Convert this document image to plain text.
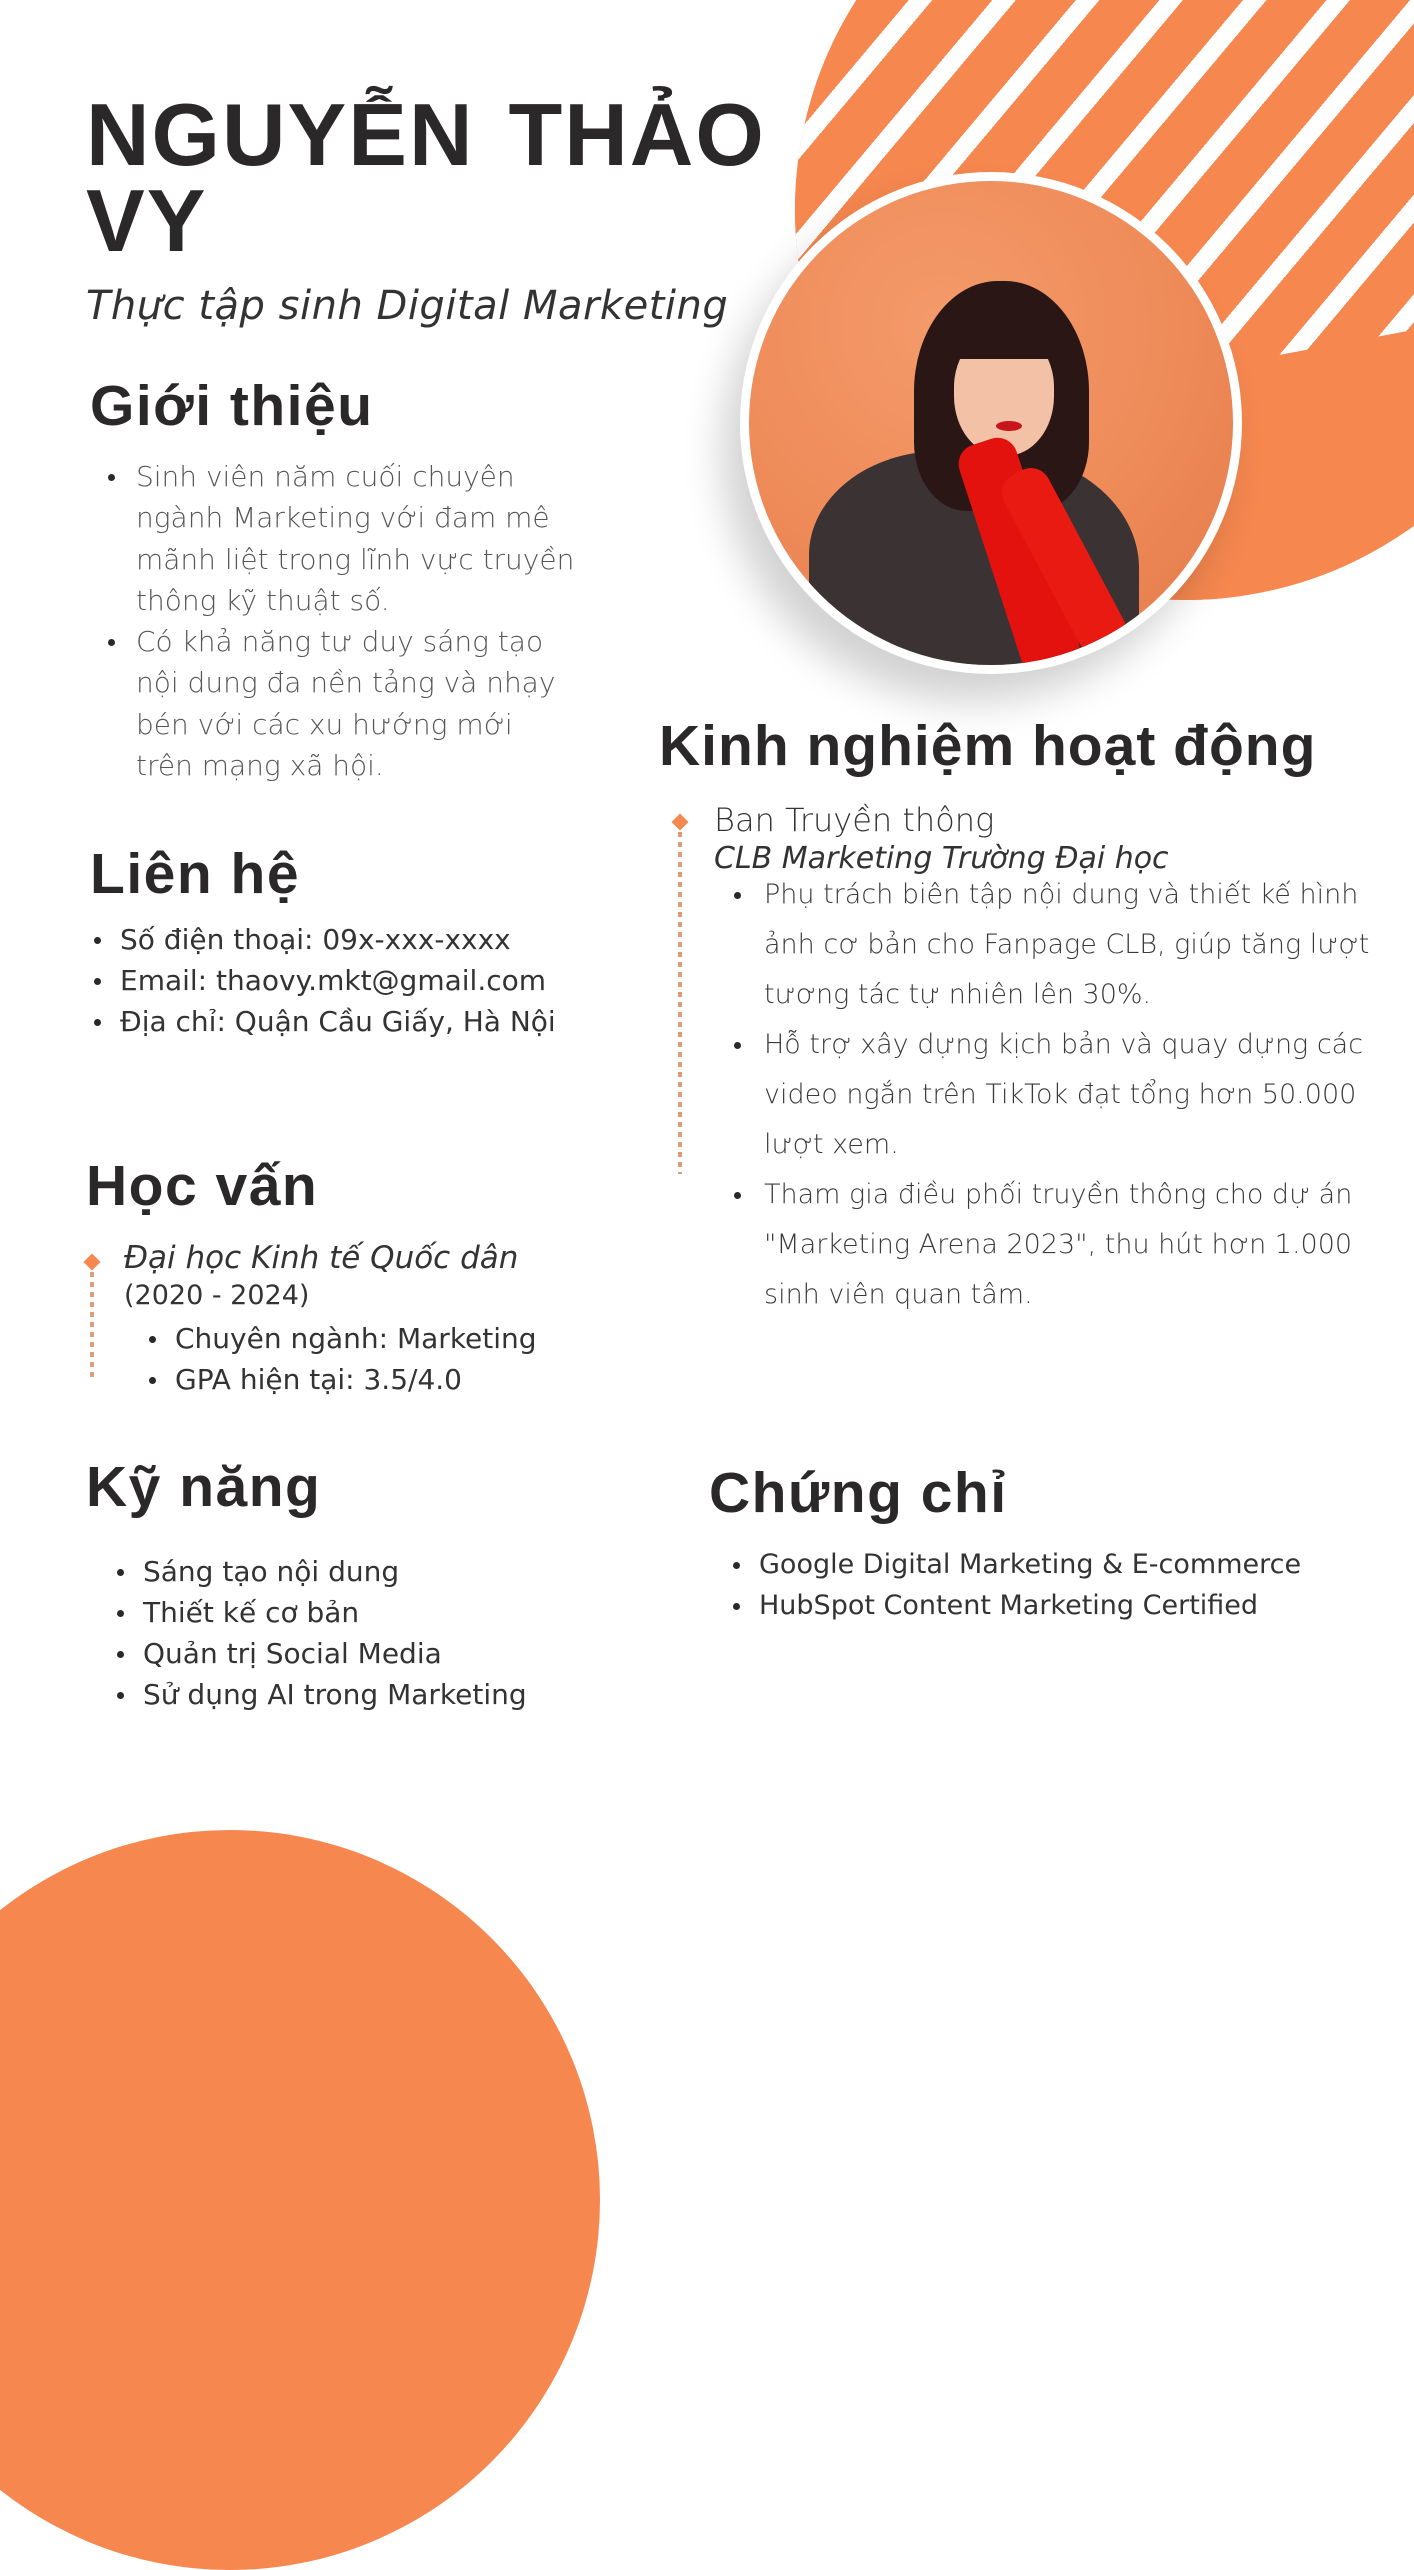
NGUYỄN THẢO
VY

Thực tập sinh Digital Marketing

Giới thiệu
Sinh viên năm cuối chuyên ngành Marketing với đam mê mãnh liệt trong lĩnh vực truyền thông kỹ thuật số.
Có khả năng tư duy sáng tạo nội dung đa nền tảng và nhạy bén với các xu hướng mới trên mạng xã hội.
Liên hệ
Số điện thoại: 09x-xxx-xxxx
Email: thaovy.mkt@gmail.com
Địa chỉ: Quận Cầu Giấy, Hà Nội
Học vấn

Đại học Kinh tế Quốc dân

(2020 - 2024)

Chuyên ngành: Marketing
GPA hiện tại: 3.5/4.0
Kỹ năng
Sáng tạo nội dung
Thiết kế cơ bản
Quản trị Social Media
Sử dụng AI trong Marketing
Kinh nghiệm hoạt động

Ban Truyền thông

CLB Marketing Trường Đại học

Phụ trách biên tập nội dung và thiết kế hình ảnh cơ bản cho Fanpage CLB, giúp tăng lượt tương tác tự nhiên lên 30%.
Hỗ trợ xây dựng kịch bản và quay dựng các video ngắn trên TikTok đạt tổng hơn 50.000 lượt xem.
Tham gia điều phối truyền thông cho dự án "Marketing Arena 2023", thu hút hơn 1.000 sinh viên quan tâm.
Chứng chỉ
Google Digital Marketing & E-commerce
HubSpot Content Marketing Certified
